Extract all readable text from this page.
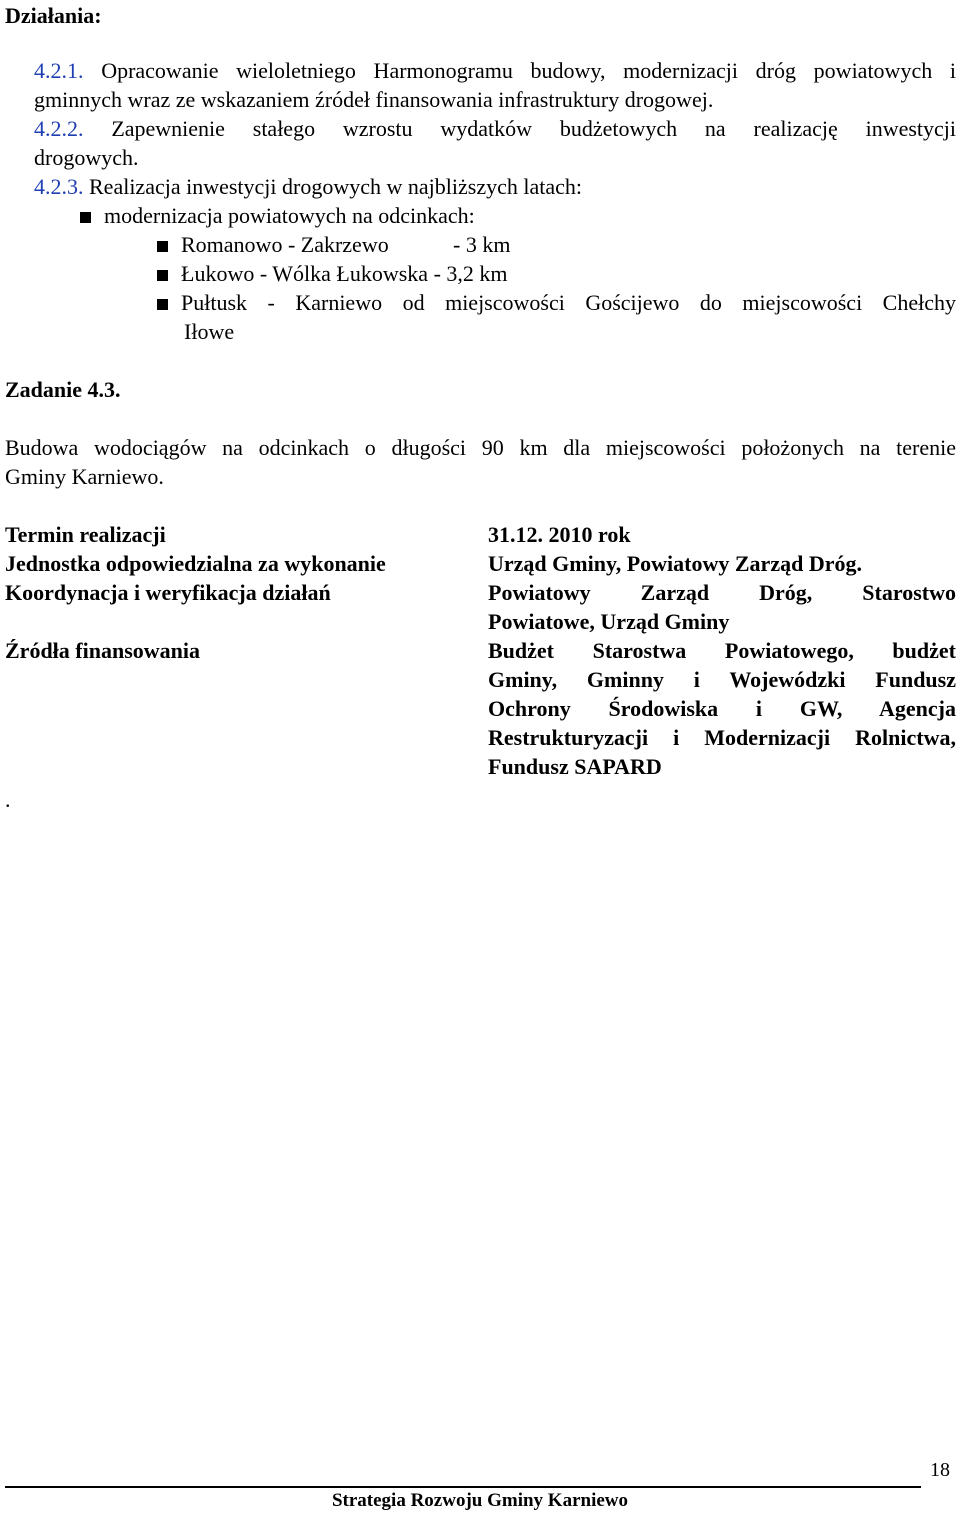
Działania:
4.2.1. Opracowanie wieloletniego Harmonogramu budowy, modernizacji dróg powiatowych i
gminnych wraz ze wskazaniem źródeł finansowania infrastruktury drogowej.
4.2.2. Zapewnienie stałego wzrostu wydatków budżetowych na realizację inwestycji
drogowych.
4.2.3. Realizacja inwestycji drogowych w najbliższych latach:
modernizacja powiatowych na odcinkach:
Romanowo - Zakrzewo	- 3 km
Łukowo - Wólka Łukowska
- 3,2 km
Pułtusk - Karniewo od miejscowości Gościjewo do miejscowości Chełchy
Iłowe
Zadanie 4.3.
Budowa wodociągów na odcinkach o długości 90 km dla miejscowości położonych na terenie
Gminy Karniewo.
Termin realizacji	31.12. 2010 rok
Jednostka odpowiedzialna za wykonanie	Urząd Gminy, Powiatowy Zarząd Dróg.
Koordynacja i weryfikacja działań	Powiatowy Zarząd Dróg, Starostwo
Powiatowe, Urząd Gminy
Źródła finansowania	Budżet Starostwa Powiatowego, budżet
Gminy, Gminny i Wojewódzki Fundusz
Ochrony Środowiska i GW, Agencja
Restrukturyzacji i Modernizacji Rolnictwa,
Fundusz SAPARD
.
18
Strategia Rozwoju Gminy Karniewo
